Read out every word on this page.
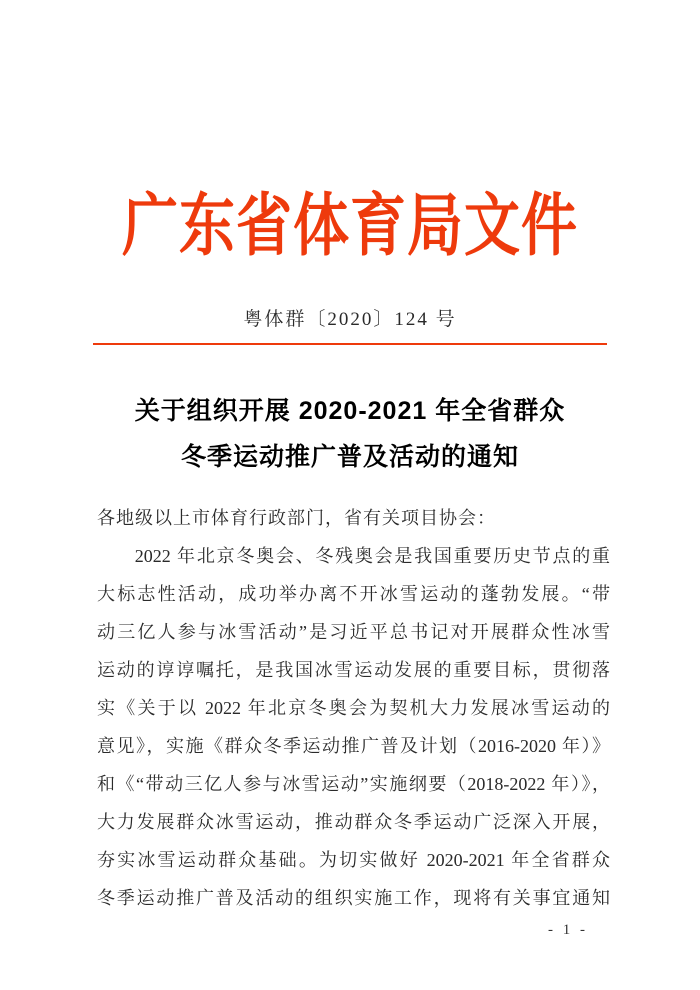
广东省体育局文件
粤体群〔2020〕124 号
关于组织开展 2020-2021 年全省群众
冬季运动推广普及活动的通知
各地级以上市体育行政部门，省有关项目协会：
2022 年北京冬奥会、冬残奥会是我国重要历史节点的重
大标志性活动，成功举办离不开冰雪运动的蓬勃发展。“带
动三亿人参与冰雪活动”是习近平总书记对开展群众性冰雪
运动的谆谆嘱托，是我国冰雪运动发展的重要目标，贯彻落
实《关于以 2022 年北京冬奥会为契机大力发展冰雪运动的
意见》，实施《群众冬季运动推广普及计划（2016-2020 年）》
和《“带动三亿人参与冰雪运动”实施纲要（2018-2022 年）》，
大力发展群众冰雪运动，推动群众冬季运动广泛深入开展，
夯实冰雪运动群众基础。为切实做好 2020-2021 年全省群众
冬季运动推广普及活动的组织实施工作，现将有关事宜通知
- 1 -
